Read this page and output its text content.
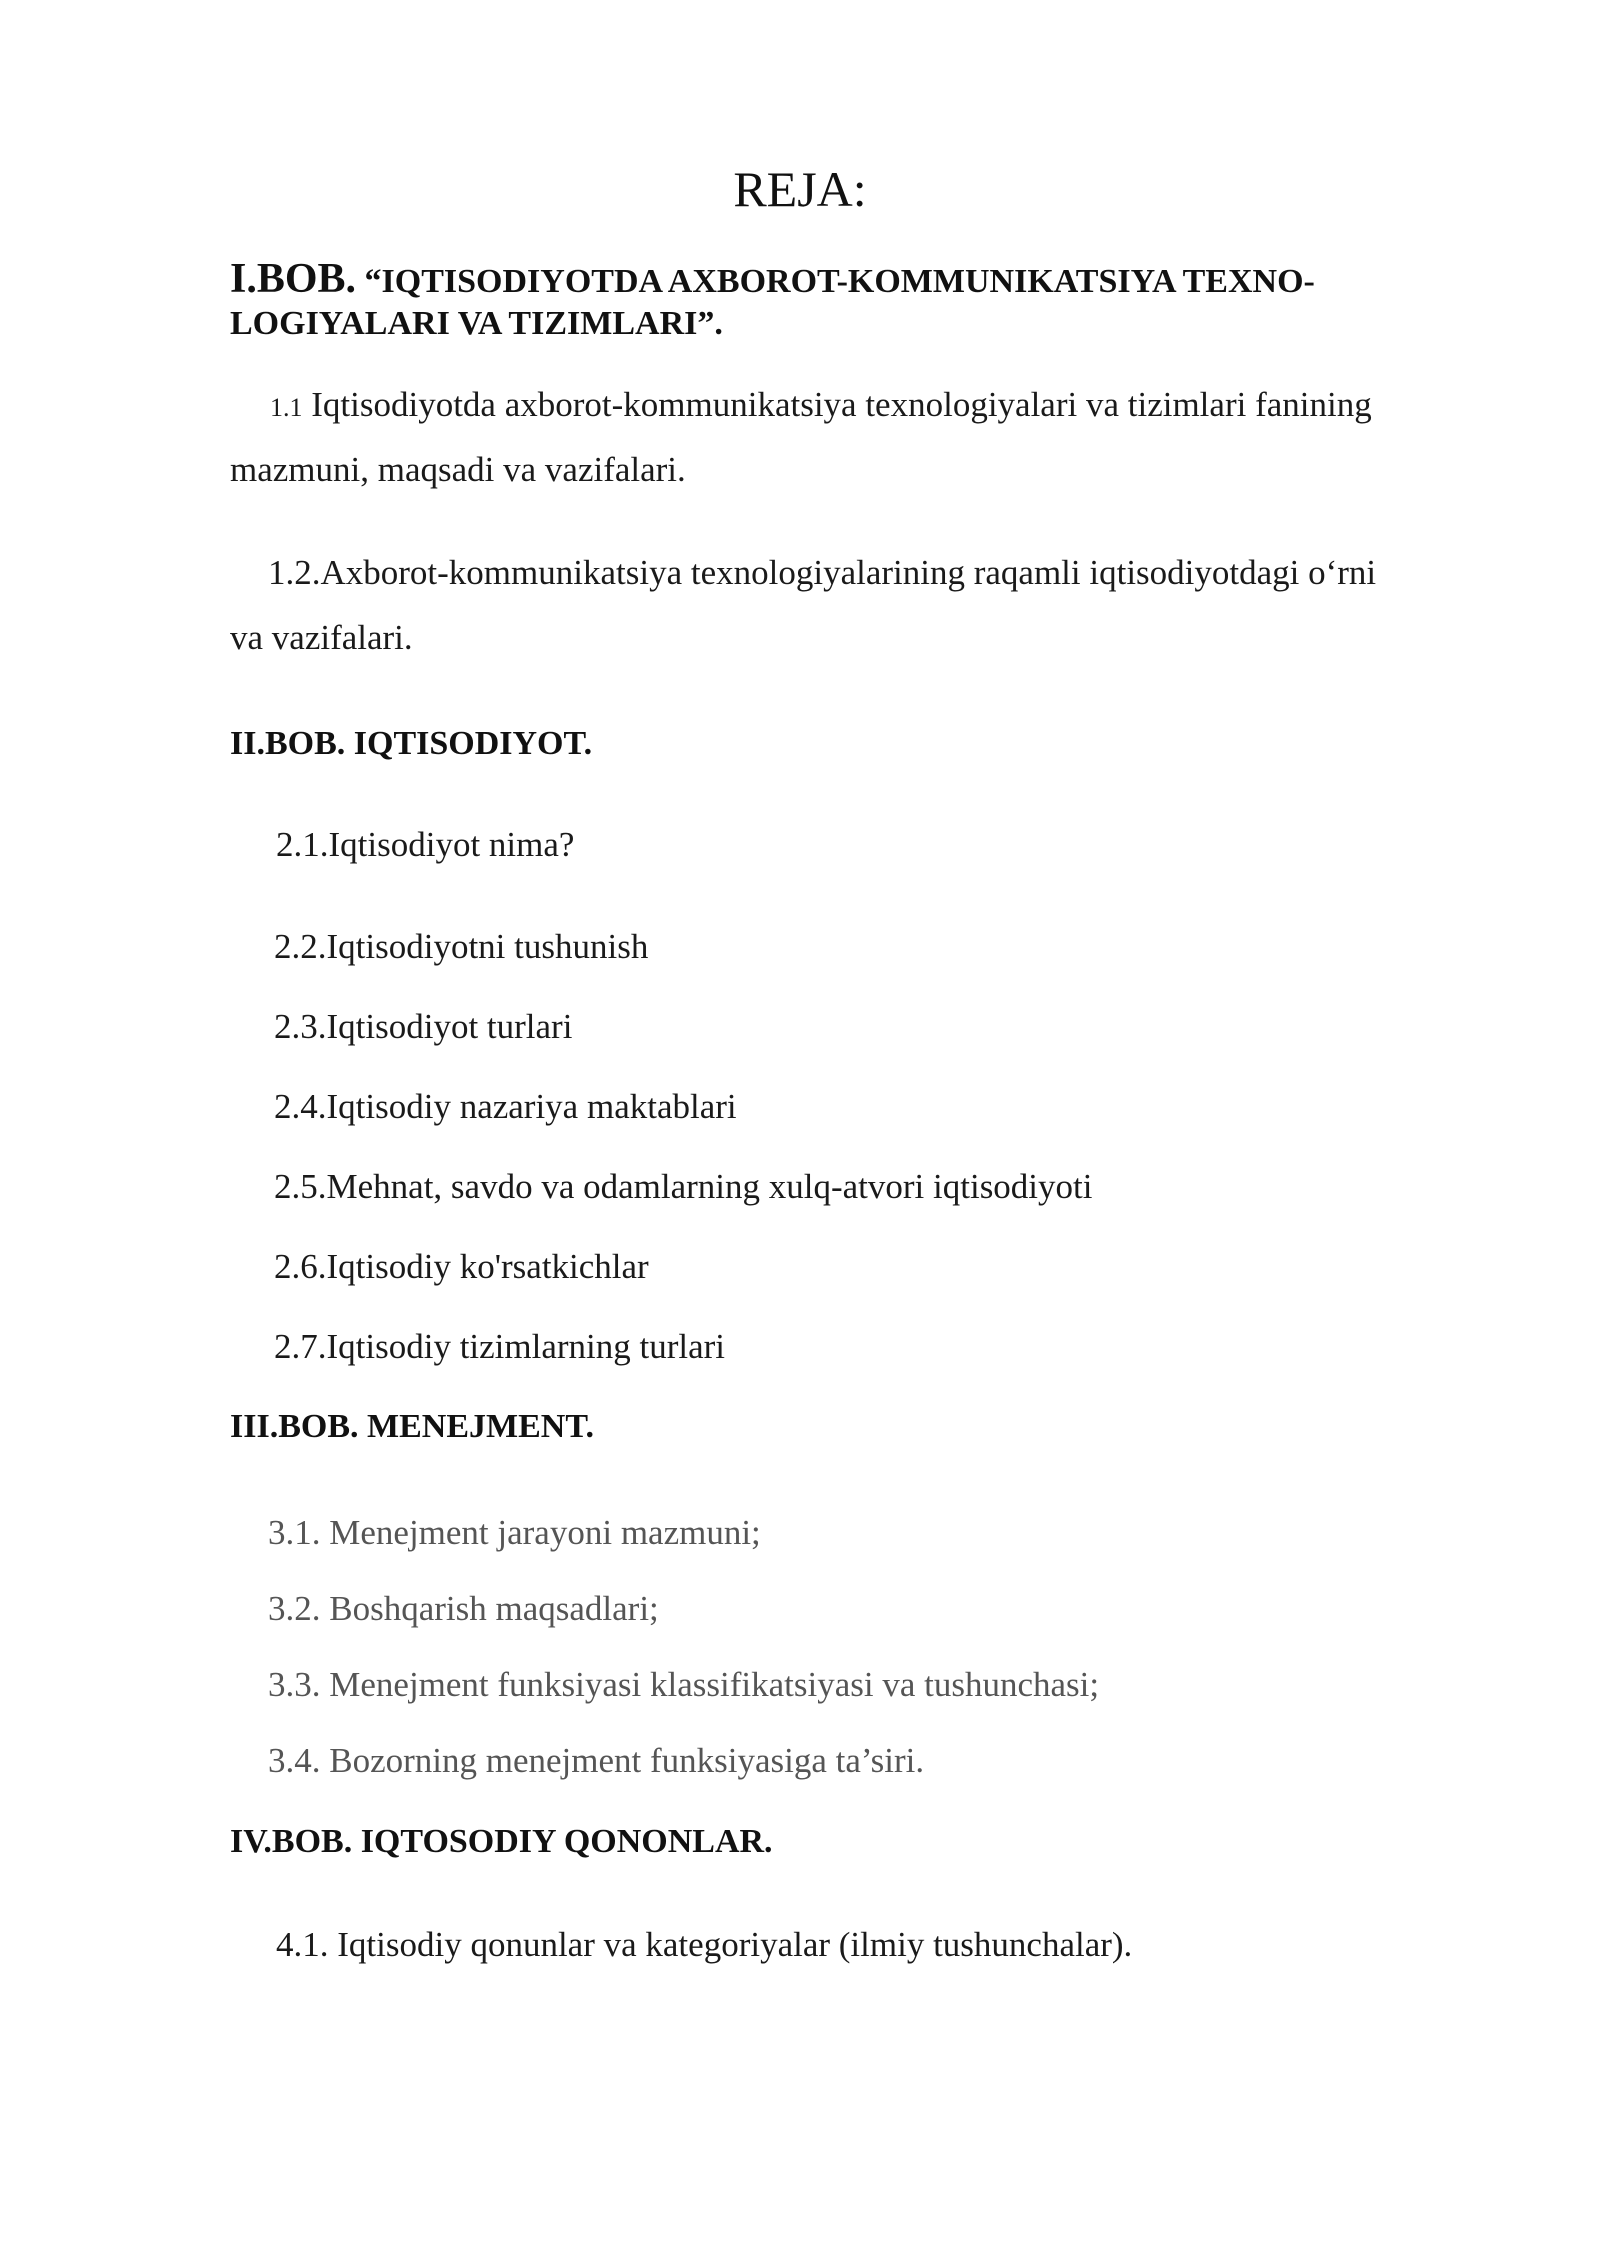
REJA:
I.BOB. “IQTISODIYOTDA AXBOROT-KOMMUNIKATSIYA TEXNO-
LOGIYALARI VA TIZIMLARI”.
1.1 Iqtisodiyotda axborot-kommunikatsiya texnologiyalari va tizimlari fanining
mazmuni, maqsadi va vazifalari.
1.2.Axborot-kommunikatsiya texnologiyalarining raqamli iqtisodiyotdagi o‘rni
va vazifalari.
II.BOB. IQTISODIYOT.
2.1.Iqtisodiyot nima?
2.2.Iqtisodiyotni tushunish
2.3.Iqtisodiyot turlari
2.4.Iqtisodiy nazariya maktablari
2.5.Mehnat, savdo va odamlarning xulq-atvori iqtisodiyoti
2.6.Iqtisodiy ko'rsatkichlar
2.7.Iqtisodiy tizimlarning turlari
III.BOB. MENEJMENT.
3.1. Menejment jarayoni mazmuni;
3.2. Boshqarish maqsadlari;
3.3. Menejment funksiyasi klassifikatsiyasi va tushunchasi;
3.4. Bozorning menejment funksiyasiga ta’siri.
IV.BOB. IQTOSODIY QONONLAR.
4.1. Iqtisodiy qonunlar va kategoriyalar (ilmiy tushunchalar).
